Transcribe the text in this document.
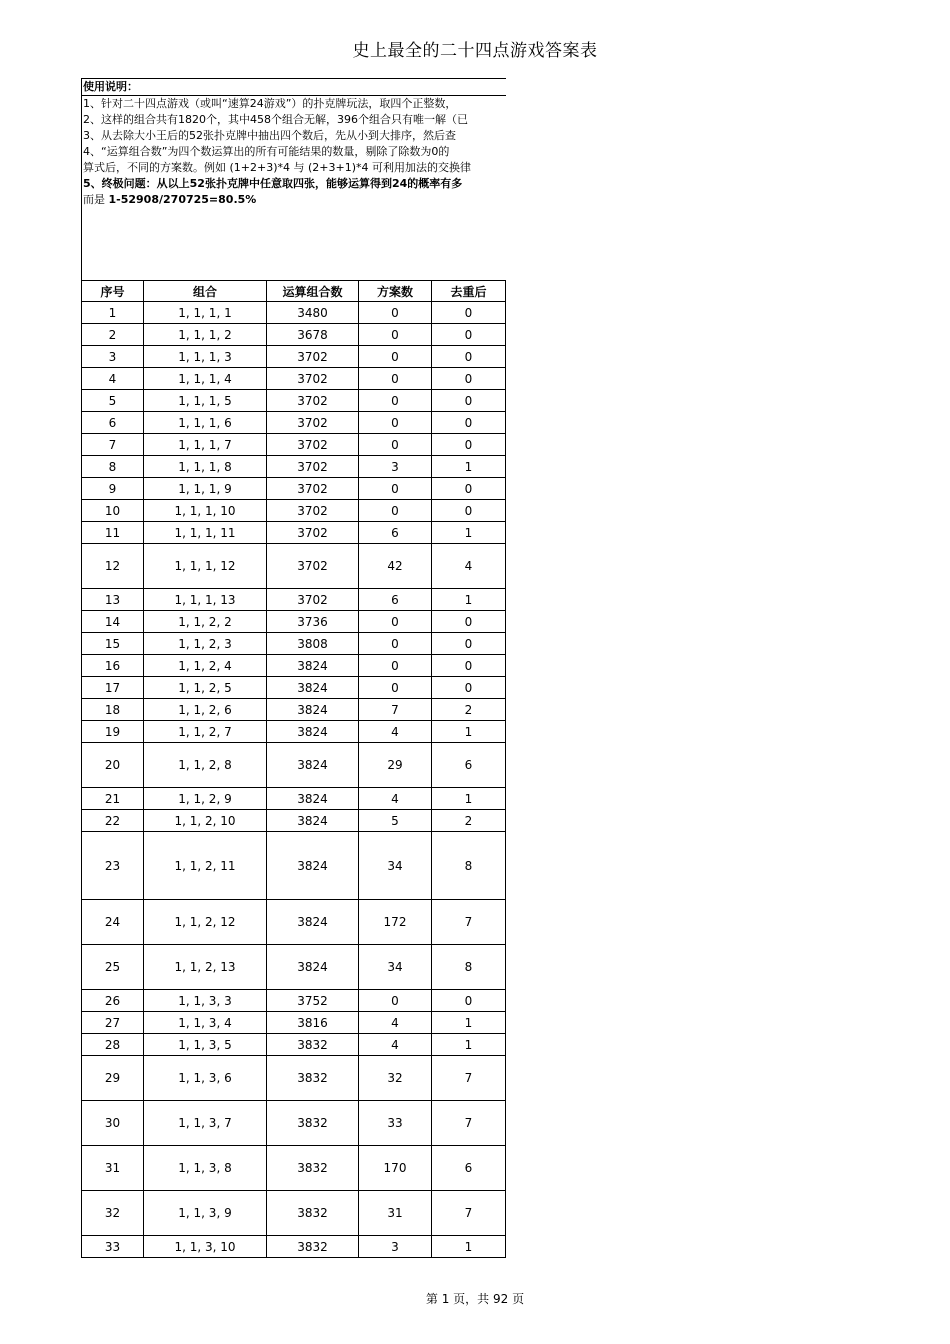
史上最全的二十四点游戏答案表
使用说明：
1、针对二十四点游戏（或叫“速算24游戏”）的扑克牌玩法，取四个正整数，
2、这样的组合共有1820个，其中458个组合无解，396个组合只有唯一解（已
3、从去除大小王后的52张扑克牌中抽出四个数后，先从小到大排序，然后查
4、“运算组合数”为四个数运算出的所有可能结果的数量，剔除了除数为0的
算式后，不同的方案数。例如 (1+2+3)*4 与 (2+3+1)*4 可利用加法的交换律
5、终极问题：从以上52张扑克牌中任意取四张，能够运算得到24的概率有多
而是 1-52908/270725=80.5%
序号	组合	运算组合数	方案数	去重后
1	1, 1, 1, 1	3480	0	0
2	1, 1, 1, 2	3678	0	0
3	1, 1, 1, 3	3702	0	0
4	1, 1, 1, 4	3702	0	0
5	1, 1, 1, 5	3702	0	0
6	1, 1, 1, 6	3702	0	0
7	1, 1, 1, 7	3702	0	0
8	1, 1, 1, 8	3702	3	1
9	1, 1, 1, 9	3702	0	0
10	1, 1, 1, 10	3702	0	0
11	1, 1, 1, 11	3702	6	1
12	1, 1, 1, 12	3702	42	4
13	1, 1, 1, 13	3702	6	1
14	1, 1, 2, 2	3736	0	0
15	1, 1, 2, 3	3808	0	0
16	1, 1, 2, 4	3824	0	0
17	1, 1, 2, 5	3824	0	0
18	1, 1, 2, 6	3824	7	2
19	1, 1, 2, 7	3824	4	1
20	1, 1, 2, 8	3824	29	6
21	1, 1, 2, 9	3824	4	1
22	1, 1, 2, 10	3824	5	2
23	1, 1, 2, 11	3824	34	8
24	1, 1, 2, 12	3824	172	7
25	1, 1, 2, 13	3824	34	8
26	1, 1, 3, 3	3752	0	0
27	1, 1, 3, 4	3816	4	1
28	1, 1, 3, 5	3832	4	1
29	1, 1, 3, 6	3832	32	7
30	1, 1, 3, 7	3832	33	7
31	1, 1, 3, 8	3832	170	6
32	1, 1, 3, 9	3832	31	7
33	1, 1, 3, 10	3832	3	1
第 1 页，共 92 页
